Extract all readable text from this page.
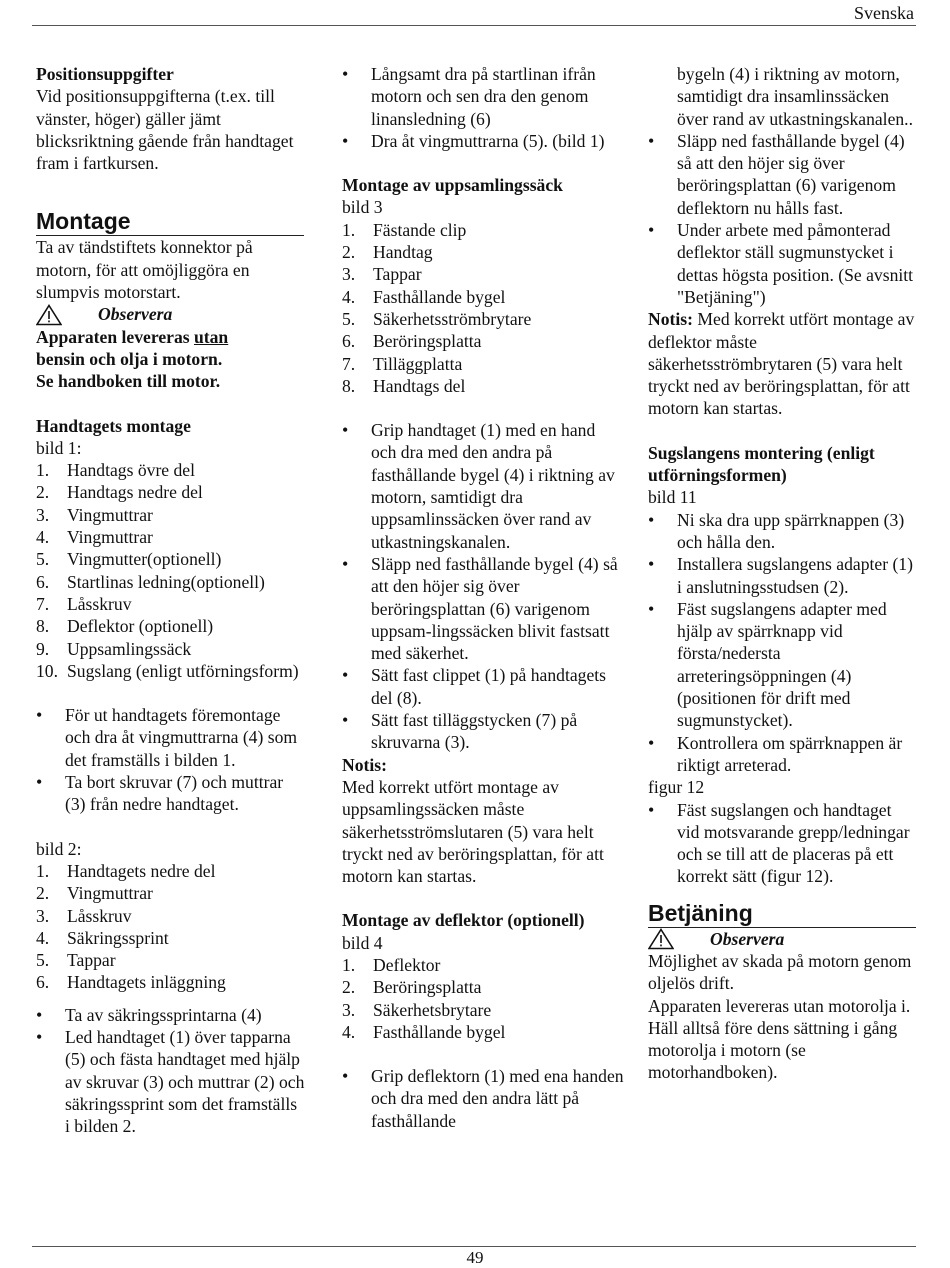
Svenska

Positionsuppgifter

Vid positionsuppgifterna (t.ex. till vänster, höger) gäller jämt blicksriktning gående från handtaget fram i fartkursen.

Montage

Ta av tändstiftets konnektor på motorn, för att omöjliggöra en slumpvis motorstart.

Observera

Apparaten levereras utan

bensin och olja i motorn.

Se handboken till motor.

Handtagets montage

bild 1:

1.	Handtags övre del
2.	Handtags nedre del
3.	Vingmuttrar
4.	Vingmuttrar
5.	Vingmutter(optionell)
6.	Startlinas ledning(optionell)
7.	Låsskruv
8.	Deflektor (optionell)
9.	Uppsamlingssäck
10. Sugslang (enligt utförningsform)
•
För ut handtagets föremontage och dra åt vingmuttrarna (4) som det framställs i bilden 1.
•
Ta bort skruvar (7) och muttrar (3) från nedre handtaget.

bild 2:

1.	Handtagets nedre del
2.	Vingmuttrar
3.	Låsskruv
4.	Säkringssprint
5.	Tappar
6.	Handtagets inläggning
•
Ta av säkringssprintarna (4)
•
Led handtaget (1) över tapparna (5) och fästa handtaget med hjälp av skruvar (3) och muttrar (2) och säkringssprint som det framställs i bilden 2.
•
Långsamt dra på startlinan ifrån motorn och sen dra den genom linansledning (6)
•
Dra åt vingmuttrarna (5). (bild 1)

Montage av uppsamlingssäck

bild 3

1.	Fästande clip
2.	Handtag
3.	Tappar
4.	Fasthållande bygel
5.	Säkerhetsströmbrytare
6.	Beröringsplatta
7.	Tilläggplatta
8.	Handtags del
•
Grip handtaget (1) med en hand och dra med den andra på fasthållande bygel (4) i riktning av motorn, samtidigt dra uppsamlinssäcken över rand av utkastningskanalen.
•
Släpp ned fasthållande bygel (4) så att den höjer sig över beröringsplattan (6) varigenom uppsam-lingssäcken blivit fastsatt med säkerhet.
•
Sätt fast clippet (1) på handtagets del (8).
•
Sätt fast tilläggstycken (7) på skruvarna (3).

Notis:

Med korrekt utfört montage av uppsamlingssäcken måste säkerhetsströmslutaren (5) vara helt tryckt ned av beröringsplattan, för att motorn kan startas.

Montage av deflektor (optionell)

bild 4

1.	Deflektor
2.	Beröringsplatta
3.	Säkerhetsbrytare
4.	Fasthållande bygel
•
Grip deflektorn (1) med ena handen och dra med den andra lätt på fasthållande

bygeln (4) i riktning av motorn, samtidigt dra insamlinssäcken över rand av utkastningskanalen..

•
Släpp ned fasthållande bygel (4) så att den höjer sig över beröringsplattan (6) varigenom deflektorn nu hålls fast.
•
Under arbete med påmonterad deflektor ställ sugmunstycket i dettas högsta position. (Se avsnitt "Betjäning")

Notis: Med korrekt utfört montage av deflektor måste säkerhetsströmbrytaren (5) vara helt tryckt ned av beröringsplattan, för att motorn kan startas.

Sugslangens montering (enligt utförningsformen)

bild 11

•
Ni ska dra upp spärrknappen (3) och hålla den.
•
Installera sugslangens adapter (1) i anslutningsstudsen (2).
•
Fäst sugslangens adapter med hjälp av spärrknapp vid första/nedersta arreteringsöppningen (4) (positionen för drift med sugmunstycket).
•
Kontrollera om spärrknappen är riktigt arreterad.

figur 12

•
Fäst sugslangen och handtaget vid motsvarande grepp/ledningar och se till att de placeras på ett korrekt sätt (figur 12).
Betjäning
Observera

Möjlighet av skada på motorn genom oljelös drift.

Apparaten levereras utan motorolja i. Häll alltså före dens sättning i gång motorolja i motorn (se motorhandboken).

49
